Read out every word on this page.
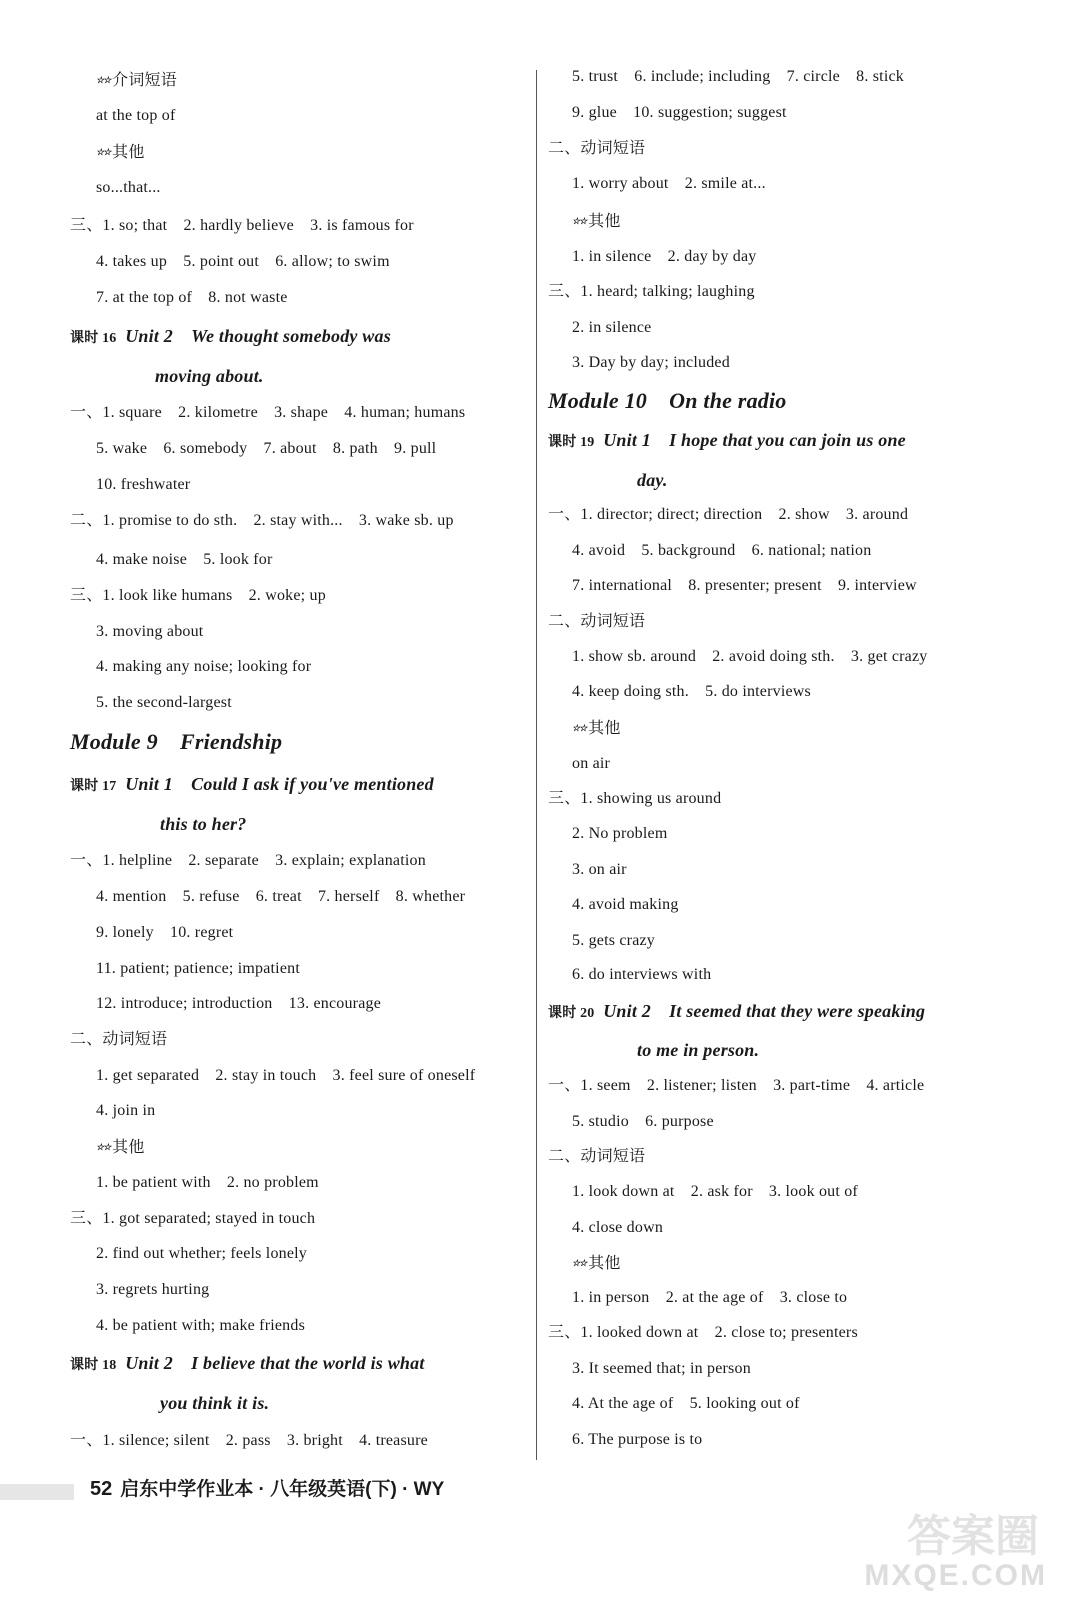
☆☆ 介词短语
at the top of
☆☆ 其他
so...that...
三、1. so; that　2. hardly believe　3. is famous for
4. takes up　5. point out　6. allow; to swim
7. at the top of　8. not waste
课时 16 Unit 2　We thought somebody was
moving about.
一、1. square　2. kilometre　3. shape　4. human; humans
5. wake　6. somebody　7. about　8. path　9. pull
10. freshwater
二、1. promise to do sth.　2. stay with...　3. wake sb. up
4. make noise　5. look for
三、1. look like humans　2. woke; up
3. moving about
4. making any noise; looking for
5. the second-largest
Module 9　Friendship
课时 17 Unit 1　Could I ask if you've mentioned
this to her?
一、1. helpline　2. separate　3. explain; explanation
4. mention　5. refuse　6. treat　7. herself　8. whether
9. lonely　10. regret
11. patient; patience; impatient
12. introduce; introduction　13. encourage
二、动词短语
1. get separated　2. stay in touch　3. feel sure of oneself
4. join in
☆☆ 其他
1. be patient with　2. no problem
三、1. got separated; stayed in touch
2. find out whether; feels lonely
3. regrets hurting
4. be patient with; make friends
课时 18 Unit 2　I believe that the world is what
you think it is.
一、1. silence; silent　2. pass　3. bright　4. treasure
5. trust　6. include; including　7. circle　8. stick
9. glue　10. suggestion; suggest
二、动词短语
1. worry about　2. smile at...
☆☆ 其他
1. in silence　2. day by day
三、1. heard; talking; laughing
2. in silence
3. Day by day; included
Module 10　On the radio
课时 19 Unit 1　I hope that you can join us one
day.
一、1. director; direct; direction　2. show　3. around
4. avoid　5. background　6. national; nation
7. international　8. presenter; present　9. interview
二、动词短语
1. show sb. around　2. avoid doing sth.　3. get crazy
4. keep doing sth.　5. do interviews
☆☆ 其他
on air
三、1. showing us around
2. No problem
3. on air
4. avoid making
5. gets crazy
6. do interviews with
课时 20 Unit 2　It seemed that they were speaking
to me in person.
一、1. seem　2. listener; listen　3. part-time　4. article
5. studio　6. purpose
二、动词短语
1. look down at　2. ask for　3. look out of
4. close down
☆☆ 其他
1. in person　2. at the age of　3. close to
三、1. looked down at　2. close to; presenters
3. It seemed that; in person
4. At the age of　5. looking out of
6. The purpose is to
52 启东中学作业本 · 八年级英语(下) · WY
答案圈
MXQE.COM
